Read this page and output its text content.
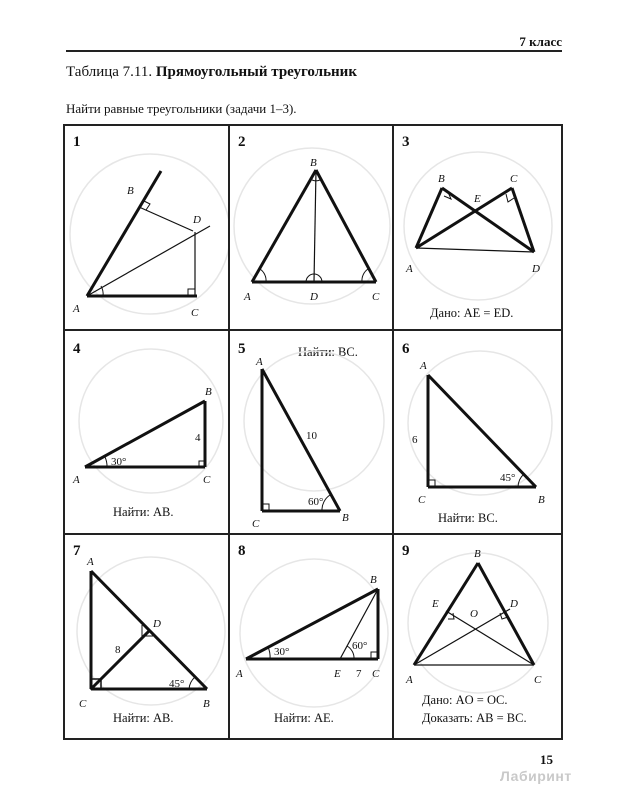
7 класс
Таблица 7.11. Прямоугольный треугольник
Найти равные треугольники (задачи 1–3).
1
B
D
A	C
2
B
A	D	C
3
B
E
C
A	D
Дано: AE = ED.
4
B
4
30°
A	C
Найти: AB.
5	Найти: BC.
A
10
60°
C	B
6
A
6
45°
C	B
Найти: BC.
7
A
8
D
45°
C	B
Найти: AB.
8
B
30°	60°
A	E 7 C
Найти: AE.
9	B
E
O
D
A	C
Дано: AO = OC.
Доказать: AB = BC.
15
Лабиринт
